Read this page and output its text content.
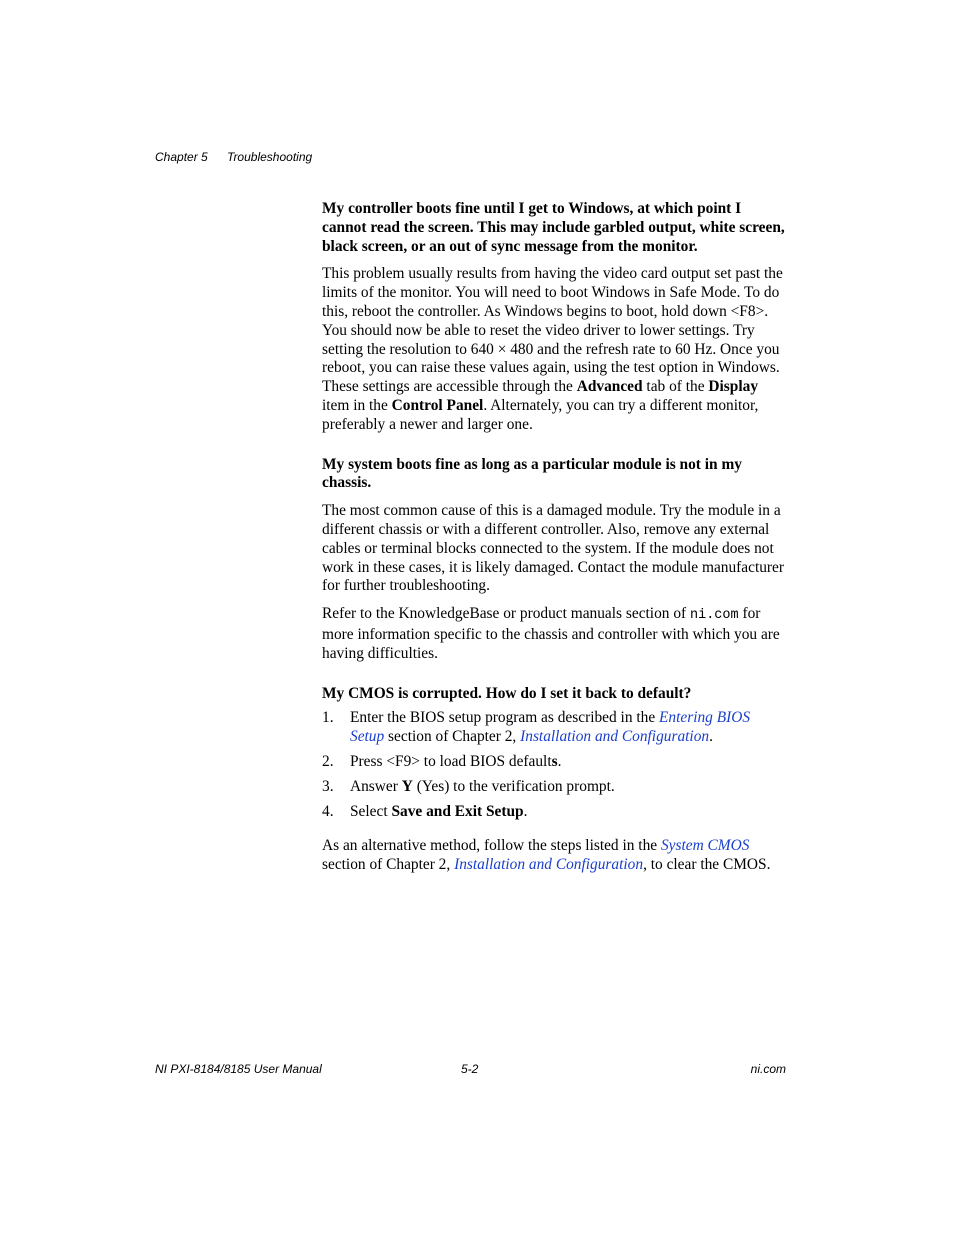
Chapter 5 Troubleshooting

My controller boots fine until I get to Windows, at which point I cannot read the screen. This may include garbled output, white screen, black screen, or an out of sync message from the monitor.

This problem usually results from having the video card output set past the limits of the monitor. You will need to boot Windows in Safe Mode. To do this, reboot the controller. As Windows begins to boot, hold down <F8>. You should now be able to reset the video driver to lower settings. Try setting the resolution to 640 × 480 and the refresh rate to 60 Hz. Once you reboot, you can raise these values again, using the test option in Windows. These settings are accessible through the Advanced tab of the Display item in the Control Panel. Alternately, you can try a different monitor, preferably a newer and larger one.

My system boots fine as long as a particular module is not in my chassis.

The most common cause of this is a damaged module. Try the module in a different chassis or with a different controller. Also, remove any external cables or terminal blocks connected to the system. If the module does not work in these cases, it is likely damaged. Contact the module manufacturer for further troubleshooting.

Refer to the KnowledgeBase or product manuals section of ni.com for more information specific to the chassis and controller with which you are having difficulties.

My CMOS is corrupted. How do I set it back to default?

1. Enter the BIOS setup program as described in the Entering BIOS Setup section of Chapter 2, Installation and Configuration.
2. Press <F9> to load BIOS defaults.
3. Answer Y (Yes) to the verification prompt.
4. Select Save and Exit Setup.

As an alternative method, follow the steps listed in the System CMOS section of Chapter 2, Installation and Configuration, to clear the CMOS.

NI PXI-8184/8185 User Manual	5-2	ni.com
